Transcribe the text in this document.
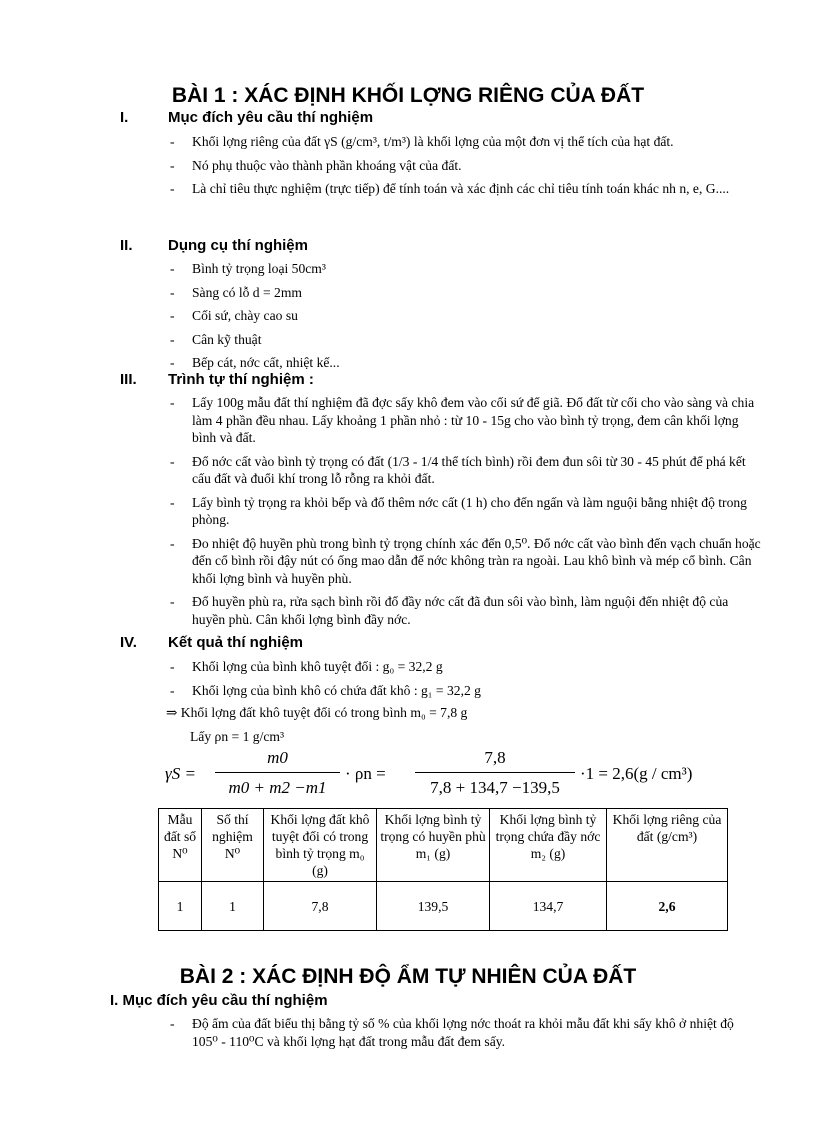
BÀI 1 : XÁC ĐỊNH KHỐI LỢNG RIÊNG CỦA ĐẤT
I.	Mục đích yêu cầu thí nghiệm
- Khối lợng riêng của đất γS (g/cm³, t/m³) là khối lợng của một đơn vị thể tích của hạt đất.
- Nó phụ thuộc vào thành phần khoáng vật của đất.
- Là chỉ tiêu thực nghiệm (trực tiếp) để tính toán và xác định các chỉ tiêu tính toán khác nh n, e, G....
II. Dụng cụ thí nghiệm
- Bình tỷ trọng loại 50cm³
- Sàng có lỗ d = 2mm
- Cối sứ, chày cao su
- Cân kỹ thuật
- Bếp cát, nớc cất, nhiệt kế...
III. Trình tự thí nghiệm :
- Lấy 100g mẫu đất thí nghiệm đã đợc sấy khô đem vào cối sứ để giã. Đổ đất từ cối cho vào sàng và chia làm 4 phần đều nhau. Lấy khoảng 1 phần nhỏ : từ 10 - 15g cho vào bình tỷ trọng, đem cân khối lợng bình và đất.
- Đổ nớc cất vào bình tỷ trọng có đất (1/3 - 1/4 thể tích bình) rồi đem đun sôi từ 30 - 45 phút để phá kết cấu đất và đuổi khí trong lỗ rỗng ra khỏi đất.
- Lấy bình tỷ trọng ra khỏi bếp và đổ thêm nớc cất (1 h) cho đến ngấn và làm nguội bằng nhiệt độ trong phòng.
- Đo nhiệt độ huyền phù trong bình tỷ trọng chính xác đến 0,5⁰. Đổ nớc cất vào bình đến vạch chuẩn hoặc đến cổ bình rồi đậy nút có ống mao dẫn để nớc không tràn ra ngoài. Lau khô bình và mép cổ bình. Cân khối lợng bình và huyền phù.
- Đổ huyền phù ra, rửa sạch bình rồi đổ đầy nớc cất đã đun sôi vào bình, làm nguội đến nhiệt độ của huyền phù. Cân khối lợng bình đầy nớc.
IV. Kết quả thí nghiệm
- Khối lợng của bình khô tuyệt đối : g₀ = 32,2 g
- Khối lợng của bình khô có chứa đất khô : g₁ = 32,2 g
⇒ Khối lợng đất khô tuyệt đối có trong bình m₀ = 7,8 g
Lấy ρn = 1 g/cm³
γS =
m0
m0 + m2 −m1
· ρn =
7,8
7,8 + 134,7 −139,5
·1 = 2,6(g / cm³)
Mẫu đất số N⁰	Số thí nghiệm N⁰	Khối lợng đất khô tuyệt đối có trong bình tỷ trọng m₀ (g)	Khối lợng bình tỷ trọng có huyền phù m₁ (g)	Khối lợng bình tỷ trọng chứa đầy nớc m₂ (g)	Khối lợng riêng của đất (g/cm³)
1	1	7,8	139,5	134,7	2,6
BÀI 2 : XÁC ĐỊNH ĐỘ ẨM TỰ NHIÊN CỦA ĐẤT
I. Mục đích yêu cầu thí nghiệm
- Độ ẩm của đất biểu thị bằng tỷ số % của khối lợng nớc thoát ra khỏi mẫu đất khi sấy khô ở nhiệt độ 105⁰ - 110⁰C và khối lợng hạt đất trong mẫu đất đem sấy.
